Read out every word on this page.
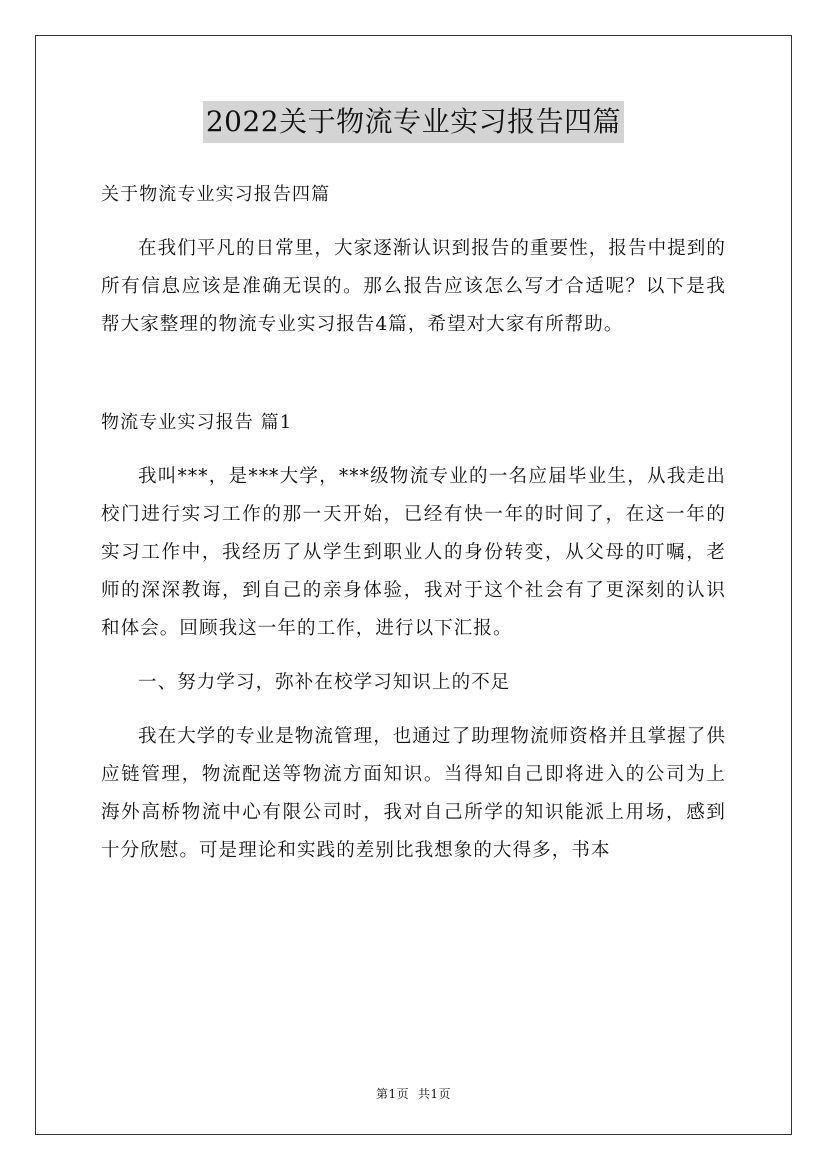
2022关于物流专业实习报告四篇
关于物流专业实习报告四篇

在我们平凡的日常里，大家逐渐认识到报告的重要性，报告中提到的所有信息应该是准确无误的。那么报告应该怎么写才合适呢？以下是我帮大家整理的物流专业实习报告4篇，希望对大家有所帮助。

物流专业实习报告 篇1

我叫***，是***大学，***级物流专业的一名应届毕业生，从我走出校门进行实习工作的那一天开始，已经有快一年的时间了，在这一年的实习工作中，我经历了从学生到职业人的身份转变，从父母的叮嘱，老师的深深教诲，到自己的亲身体验，我对于这个社会有了更深刻的认识和体会。回顾我这一年的工作，进行以下汇报。

一、努力学习，弥补在校学习知识上的不足

我在大学的专业是物流管理，也通过了助理物流师资格并且掌握了供应链管理，物流配送等物流方面知识。当得知自己即将进入的公司为上海外高桥物流中心有限公司时，我对自己所学的知识能派上用场，感到十分欣慰。可是理论和实践的差别比我想象的大得多，书本

第1页 共1页
